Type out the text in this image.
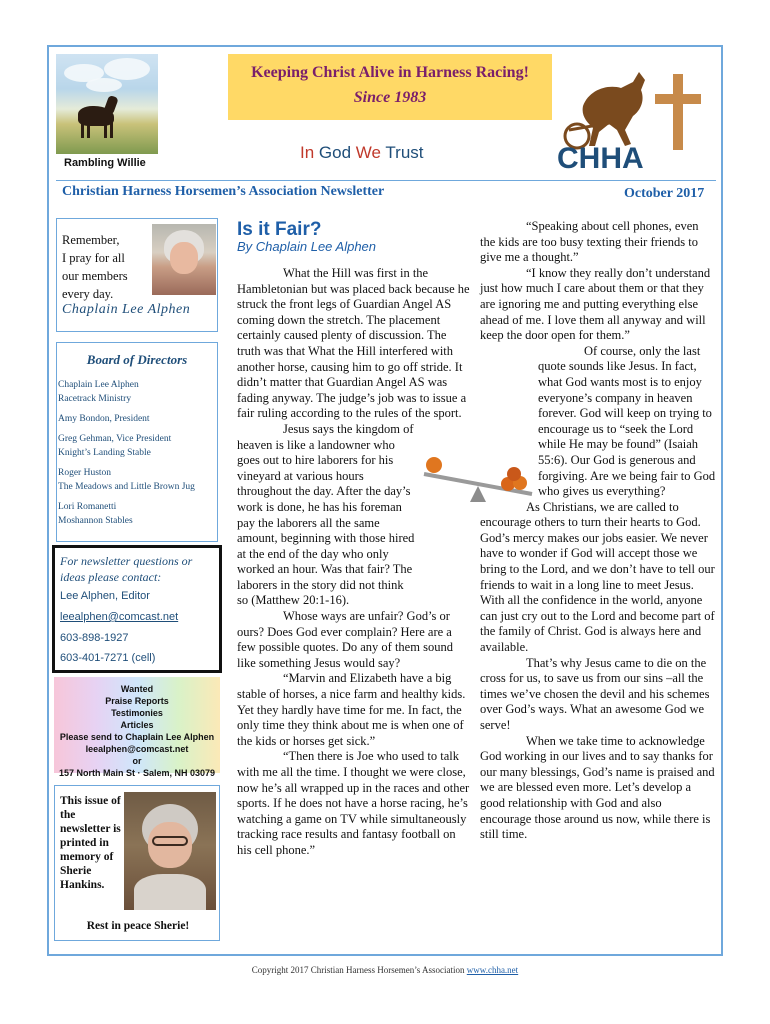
Rambling Willie
Keeping Christ Alive in Harness Racing!
Since 1983
In God We Trust	CHHA
Christian Harness Horsemen’s Association Newsletter	October 2017
Remember,
I pray for all
our members
every day.
Chaplain Lee Alphen
Board of Directors
Chaplain Lee Alphen
Racetrack Ministry
Amy Bondon, President
Greg Gehman, Vice President
Knight’s Landing Stable
Roger Huston
The Meadows and Little Brown Jug
Lori Romanetti
Moshannon Stables
For newsletter questions or ideas please contact:
Lee Alphen, Editor
leealphen@comcast.net
603-898-1927
603-401-7271 (cell)
Wanted
Praise Reports
Testimonies
Articles
Please send to Chaplain Lee Alphen
leealphen@comcast.net
or
157 North Main St · Salem, NH 03079
This issue of the newsletter is printed in memory of Sherie Hankins.
Rest in peace Sherie!
Is it Fair?
By Chaplain Lee Alphen

What the Hill was first in the Hambletonian but was placed back because he struck the front legs of Guardian Angel AS coming down the stretch. The placement certainly caused plenty of discussion. The truth was that What the Hill interfered with another horse, causing him to go off stride. It didn’t matter that Guardian Angel AS was fading anyway. The judge’s job was to issue a fair ruling according to the rules of the sport.

Jesus says the kingdom of heaven is like a landowner who goes out to hire laborers for his vineyard at various hours throughout the day. After the day’s work is done, he has his foreman pay the laborers all the same amount, beginning with those hired at the end of the day who only worked an hour. Was that fair? The laborers in the story did not think so (Matthew 20:1-16).

Whose ways are unfair? God’s or ours? Does God ever complain? Here are a few possible quotes. Do any of them sound like something Jesus would say?

“Marvin and Elizabeth have a big stable of horses, a nice farm and healthy kids. Yet they hardly have time for me. In fact, the only time they think about me is when one of the kids or horses get sick.”

“Then there is Joe who used to talk with me all the time. I thought we were close, now he’s all wrapped up in the races and other sports. If he does not have a horse racing, he’s watching a game on TV while simultaneously tracking race results and fantasy football on his cell phone.”

“Speaking about cell phones, even the kids are too busy texting their friends to give me a thought.”

“I know they really don’t understand just how much I care about them or that they are ignoring me and putting everything else ahead of me. I love them all anyway and will keep the door open for them.”

Of course, only the last quote sounds like Jesus. In fact, what God wants most is to enjoy everyone’s company in heaven forever. God will keep on trying to encourage us to “seek the Lord while He may be found” (Isaiah 55:6). Our God is generous and forgiving. Are we being fair to God who gives us everything?

As Christians, we are called to encourage others to turn their hearts to God. God’s mercy makes our jobs easier. We never have to wonder if God will accept those we bring to the Lord, and we don’t have to tell our friends to wait in a long line to meet Jesus. With all the confidence in the world, anyone can just cry out to the Lord and become part of the family of Christ. God is always here and available.

That’s why Jesus came to die on the cross for us, to save us from our sins –all the times we’ve chosen the devil and his schemes over God’s ways. What an awesome God we serve!

When we take time to acknowledge God working in our lives and to say thanks for our many blessings, God’s name is praised and we are blessed even more. Let’s develop a good relationship with God and also encourage those around us now, while there is still time.

Copyright 2017 Christian Harness Horsemen’s Association www.chha.net
